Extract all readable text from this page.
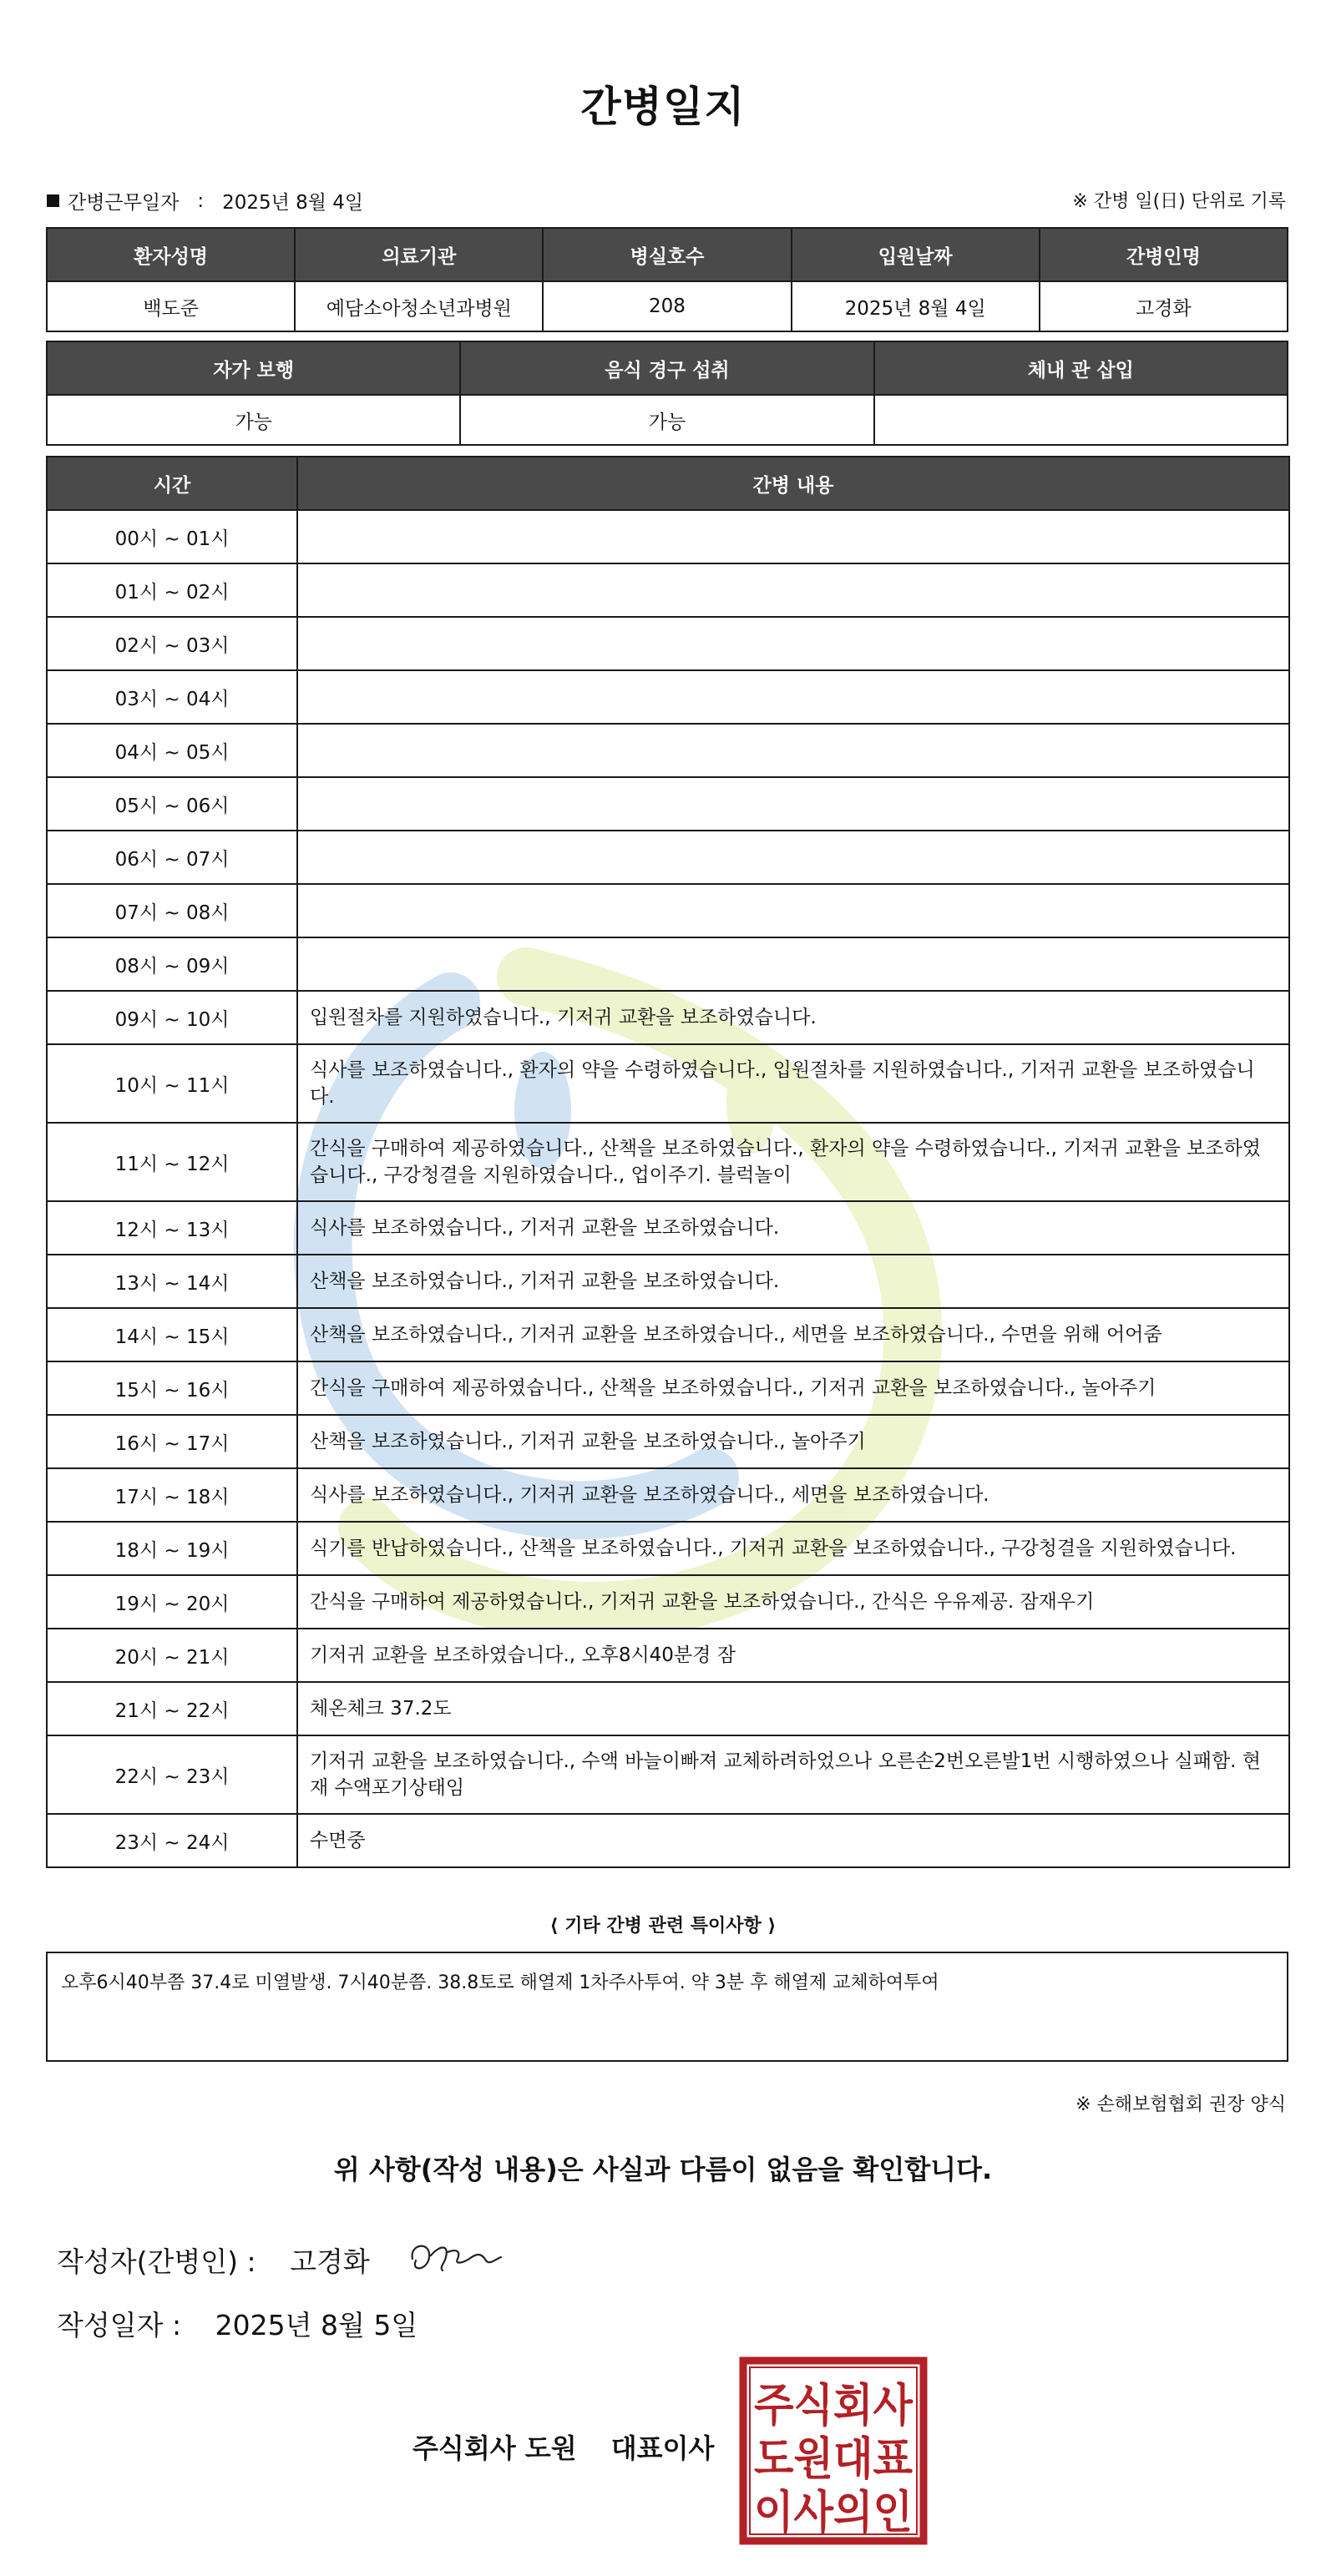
간병일지
간병근무일자 : 2025년 8월 4일	※ 간병 일(日) 단위로 기록
환자성명	의료기관	병실호수	입원날짜	간병인명
백도준	예담소아청소년과병원	208	2025년 8월 4일	고경화
자가 보행	음식 경구 섭취	체내 관 삽입
가능	가능	
시간	간병 내용
00시 ~ 01시	
01시 ~ 02시	
02시 ~ 03시	
03시 ~ 04시	
04시 ~ 05시	
05시 ~ 06시	
06시 ~ 07시	
07시 ~ 08시	
08시 ~ 09시	
09시 ~ 10시	입원절차를 지원하였습니다., 기저귀 교환을 보조하였습니다.
10시 ~ 11시	식사를 보조하였습니다., 환자의 약을 수령하였습니다., 입원절차를 지원하였습니다., 기저귀 교환을 보조하였습니다.
11시 ~ 12시	간식을 구매하여 제공하였습니다., 산책을 보조하였습니다., 환자의 약을 수령하였습니다., 기저귀 교환을 보조하였습니다., 구강청결을 지원하였습니다., 업이주기. 블럭놀이
12시 ~ 13시	식사를 보조하였습니다., 기저귀 교환을 보조하였습니다.
13시 ~ 14시	산책을 보조하였습니다., 기저귀 교환을 보조하였습니다.
14시 ~ 15시	산책을 보조하였습니다., 기저귀 교환을 보조하였습니다., 세면을 보조하였습니다., 수면을 위해 어어줌
15시 ~ 16시	간식을 구매하여 제공하였습니다., 산책을 보조하였습니다., 기저귀 교환을 보조하였습니다., 놀아주기
16시 ~ 17시	산책을 보조하였습니다., 기저귀 교환을 보조하였습니다., 놀아주기
17시 ~ 18시	식사를 보조하였습니다., 기저귀 교환을 보조하였습니다., 세면을 보조하였습니다.
18시 ~ 19시	식기를 반납하였습니다., 산책을 보조하였습니다., 기저귀 교환을 보조하였습니다., 구강청결을 지원하였습니다.
19시 ~ 20시	간식을 구매하여 제공하였습니다., 기저귀 교환을 보조하였습니다., 간식은 우유제공. 잠재우기
20시 ~ 21시	기저귀 교환을 보조하였습니다., 오후8시40분경 잠
21시 ~ 22시	체온체크 37.2도
22시 ~ 23시	기저귀 교환을 보조하였습니다., 수액 바늘이빠져 교체하려하었으나 오른손2번오른발1번 시행하였으나 실패함. 현재 수액포기상태임
23시 ~ 24시	수면중
⟨ 기타 간병 관련 특이사항 ⟩
오후6시40부쯤 37.4로 미열발생. 7시40분쯤. 38.8토로 해열제 1차주사투여. 약 3분 후 해열제 교체하여투여
※ 손해보험협회 권장 양식
위 사항(작성 내용)은 사실과 다름이 없음을 확인합니다.
작성자(간병인) : 고경화
작성일자 : 2025년 8월 5일
주식회사 도원 대표이사
주식회사
도원대표
이사의인
